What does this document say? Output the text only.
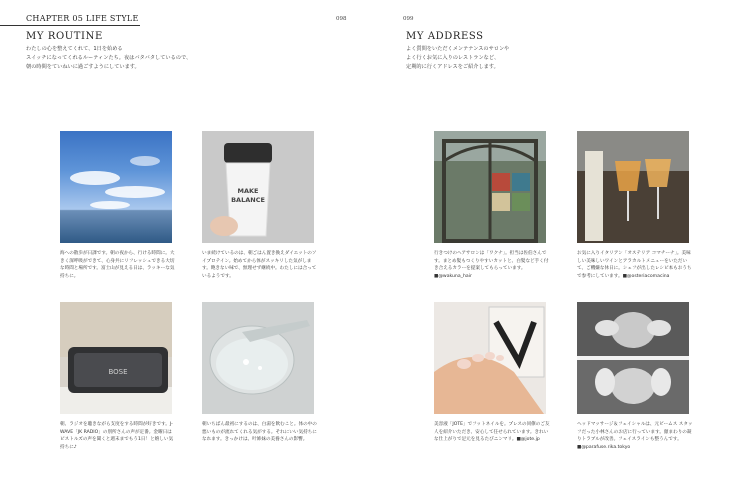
CHAPTER 05 LIFE STYLE	098
MY ROUTINE
わたしの心を整えてくれて、1日を始める
スイッチになってくれるルーティンたち。夜はバタバタしているので、
朝の時間をていねいに過ごすようにしています。
海への散歩が日課です。朝の夜から、行ける時間に。大きく深呼吸ができて、心身共にリフレッシュできる大切な時間と場所です。富士山が見える日は、ラッキーな気持ちに。
MAKE
BALANCE
いま続けているのは、朝ごはん置き換えダイエットのソイプロテイン。始めてから体がスッキリした気がします。飽きない味で、無理せず継続中。わたしには合っているようです。
BOSE
朝、ラジオを聴きながら支度をする時間が好きです。J-WAVE「JK RADIO」の別所さんの声が定番。金曜日はピストルズの声を聞くと週末までもう1日！と嬉しい気持ちに♪
朝いちばん最初にするのは、白湯を飲むこと。体の中の悪いものが流れてくれる気がする。それにいい気持ちになれます。きっかけは、叶姉妹の美養さんの影響。
099
MY ADDRESS
よく質問をいただくメンテナンスのサロンや
よく行くお気に入りのレストランなど、
定期的に行くアドレスをご紹介します。
行きつけのヘアサロンは「ワクナ」。担当は佐伯さんです。まとめ髪もつくりやすいカットと、白髪など手く付き合えるカラーを提案してもらっています。■@wakuna_hair
お気に入りイタリアン「オステリア コマチーナ」。美味しい美味しいワインとアラカルトメニューをいただいて、ご機嫌な休日に。シェフが出したレシピ本もおうちで参考にしています。■@osteriacomacina
美容液「JOTE」でフットネイルを。プレスの同僚のご友人を紹介いただき、安心して任せられています。きれいな仕上がりで足元を見るたびニンマリ。■@jote.jp
ヘッドマッサージ＆フェイシャルは、元ビームス スタッフだった小林さんのお店に行っています。顔まわりの凝りトラブルが改善。フェイスラインも整うんです。■@parafuse.rika.tokyo
